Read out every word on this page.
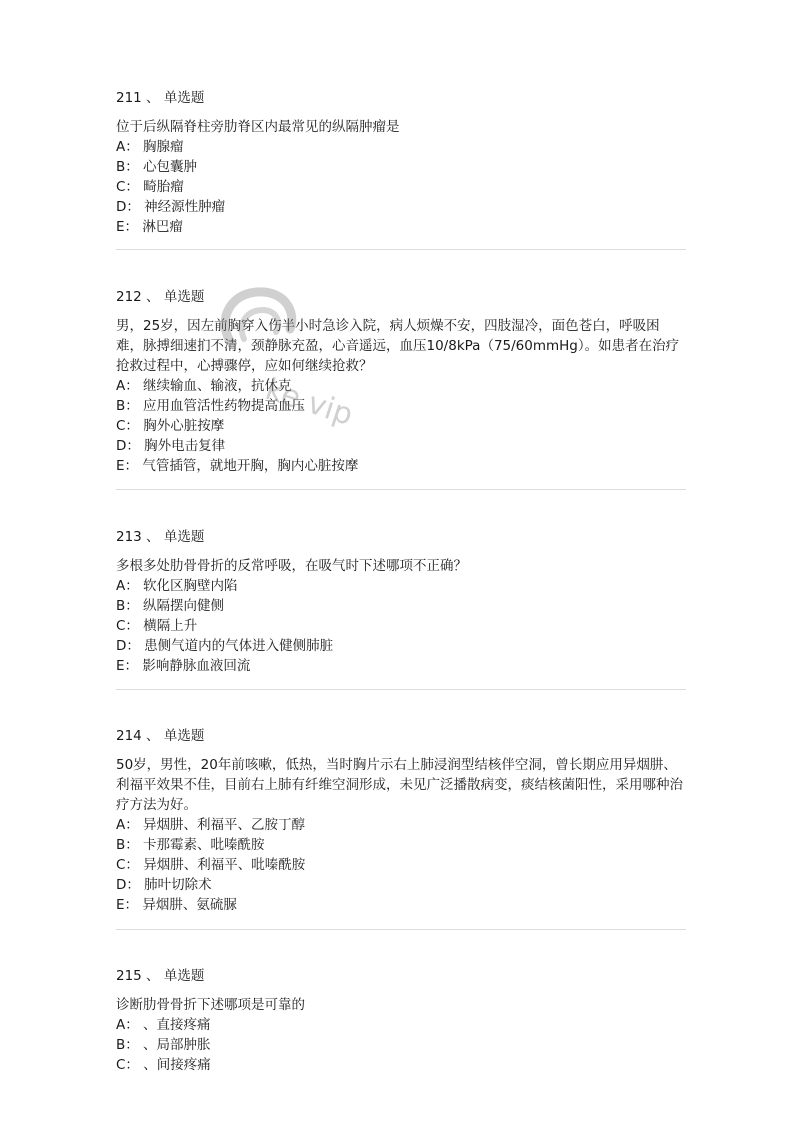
211 、 单选题

位于后纵隔脊柱旁肋脊区内最常见的纵隔肿瘤是

A： 胸腺瘤

B： 心包囊肿

C： 畸胎瘤

D： 神经源性肿瘤

E： 淋巴瘤

212 、 单选题

男，25岁，因左前胸穿入伤半小时急诊入院，病人烦燥不安，四肢湿冷，面色苍白，呼吸困难，脉搏细速扪不清，颈静脉充盈，心音遥远，血压10/8kPa（75/60mmHg）。如患者在治疗抢救过程中，心搏骤停，应如何继续抢救？

A： 继续输血、输液，抗休克

B： 应用血管活性药物提高血压

C： 胸外心脏按摩

D： 胸外电击复律

E： 气管插管，就地开胸，胸内心脏按摩

213 、 单选题

多根多处肋骨骨折的反常呼吸，在吸气时下述哪项不正确？

A： 软化区胸壁内陷

B： 纵隔摆向健侧

C： 横隔上升

D： 患侧气道内的气体进入健侧肺脏

E： 影响静脉血液回流

214 、 单选题

50岁，男性，20年前咳嗽，低热，当时胸片示右上肺浸润型结核伴空洞，曾长期应用异烟肼、利福平效果不佳，目前右上肺有纤维空洞形成，未见广泛播散病变，痰结核菌阳性，采用哪种治疗方法为好。

A： 异烟肼、利福平、乙胺丁醇

B： 卡那霉素、吡嗪酰胺

C： 异烟肼、利福平、吡嗪酰胺

D： 肺叶切除术

E： 异烟肼、氨硫脲

215 、 单选题

诊断肋骨骨折下述哪项是可靠的

A： 、直接疼痛

B： 、局部肿胀

C： 、间接疼痛

ke.vip
